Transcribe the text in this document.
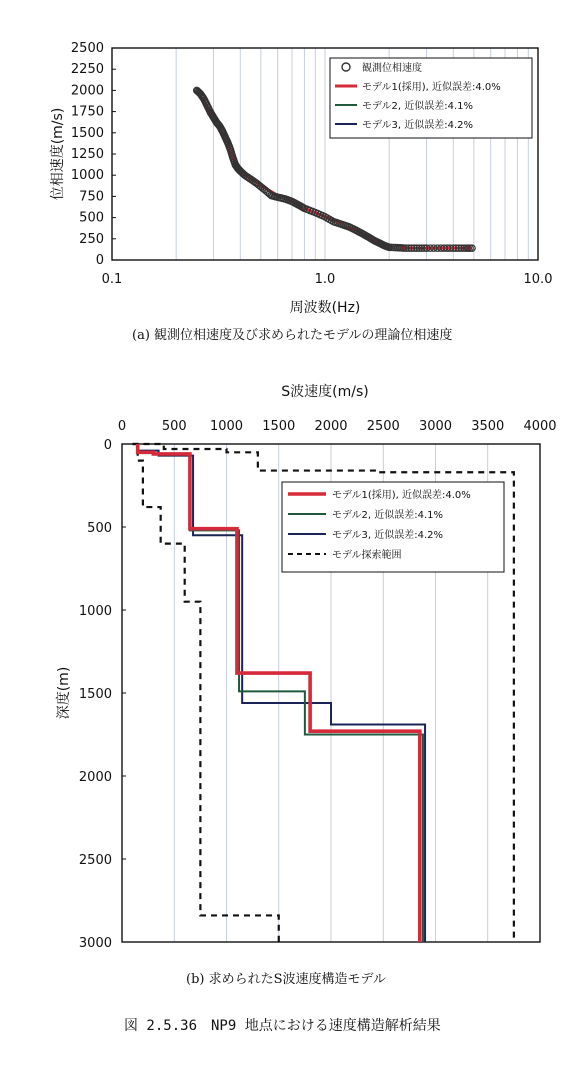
0
250
500
750
1000
1250
1500
1750
2000
2250
2500
0.1	1.0	10.0
周波数(Hz)
位相速度(m/s)
観測位相速度
モデル1(採用), 近似誤差:4.0%
モデル2, 近似誤差:4.1%
モデル3, 近似誤差:4.2%
(a) 観測位相速度及び求められたモデルの理論位相速度
0	500 1000 1500 2000 2500 3000 3500 4000
0
500
1000
1500
2000
2500
3000
S波速度(m/s)
深度(m)
モデル1(採用), 近似誤差:4.0%
モデル2, 近似誤差:4.1%
モデル3, 近似誤差:4.2%
モデル探索範囲
(b) 求められたS波速度構造モデル
図 2.5.36　NP9 地点における速度構造解析結果
